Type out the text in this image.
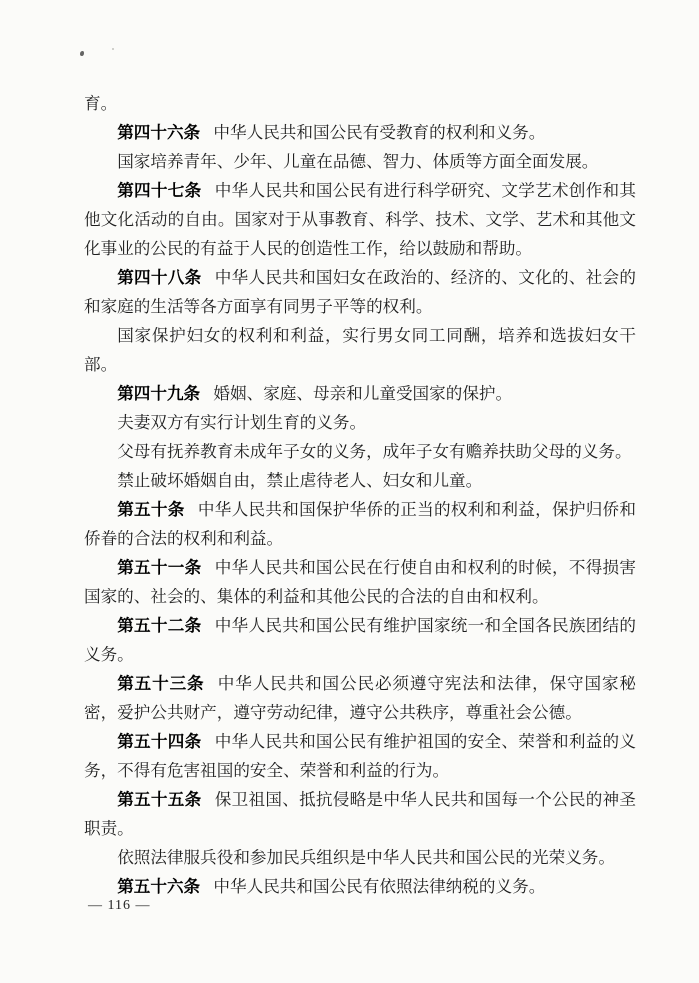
育。

第四十六条 中华人民共和国公民有受教育的权利和义务。

国家培养青年、少年、儿童在品德、智力、体质等方面全面发展。

第四十七条 中华人民共和国公民有进行科学研究、文学艺术创作和其他文化活动的自由。国家对于从事教育、科学、技术、文学、艺术和其他文化事业的公民的有益于人民的创造性工作，给以鼓励和帮助。

第四十八条 中华人民共和国妇女在政治的、经济的、文化的、社会的和家庭的生活等各方面享有同男子平等的权利。

国家保护妇女的权利和利益，实行男女同工同酬，培养和选拔妇女干部。

第四十九条 婚姻、家庭、母亲和儿童受国家的保护。

夫妻双方有实行计划生育的义务。

父母有抚养教育未成年子女的义务，成年子女有赡养扶助父母的义务。

禁止破坏婚姻自由，禁止虐待老人、妇女和儿童。

第五十条 中华人民共和国保护华侨的正当的权利和利益，保护归侨和侨眷的合法的权利和利益。

第五十一条 中华人民共和国公民在行使自由和权利的时候，不得损害国家的、社会的、集体的利益和其他公民的合法的自由和权利。

第五十二条 中华人民共和国公民有维护国家统一和全国各民族团结的义务。

第五十三条 中华人民共和国公民必须遵守宪法和法律，保守国家秘密，爱护公共财产，遵守劳动纪律，遵守公共秩序，尊重社会公德。

第五十四条 中华人民共和国公民有维护祖国的安全、荣誉和利益的义务，不得有危害祖国的安全、荣誉和利益的行为。

第五十五条 保卫祖国、抵抗侵略是中华人民共和国每一个公民的神圣职责。

依照法律服兵役和参加民兵组织是中华人民共和国公民的光荣义务。

第五十六条 中华人民共和国公民有依照法律纳税的义务。

— 116 —
